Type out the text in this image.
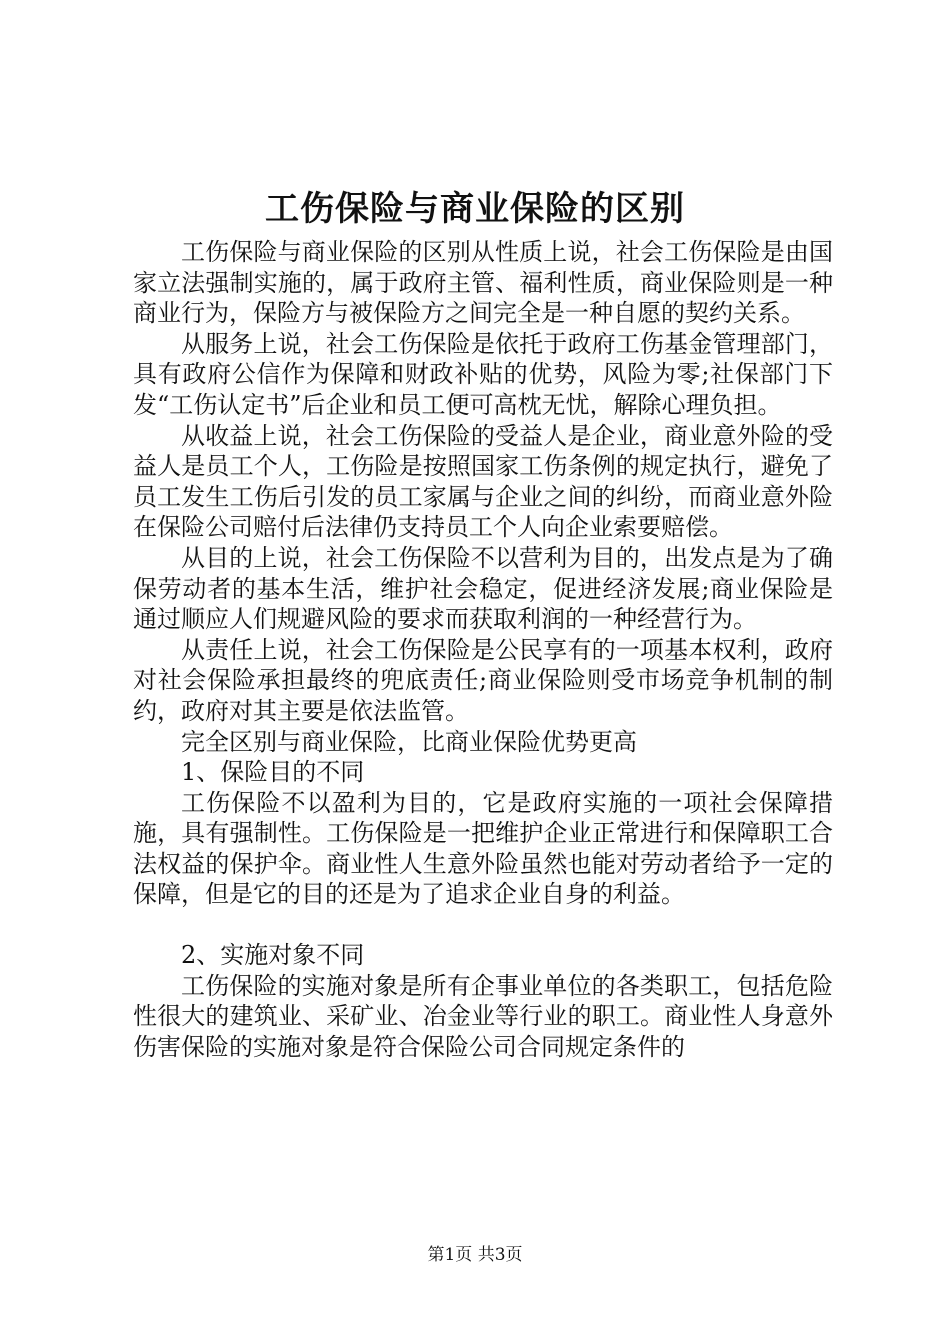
工伤保险与商业保险的区别

工伤保险与商业保险的区别从性质上说，社会工伤保险是由国家立法强制实施的，属于政府主管、福利性质，商业保险则是一种商业行为，保险方与被保险方之间完全是一种自愿的契约关系。

从服务上说，社会工伤保险是依托于政府工伤基金管理部门，具有政府公信作为保障和财政补贴的优势，风险为零;社保部门下发“工伤认定书”后企业和员工便可高枕无忧，解除心理负担。

从收益上说，社会工伤保险的受益人是企业，商业意外险的受益人是员工个人，工伤险是按照国家工伤条例的规定执行，避免了员工发生工伤后引发的员工家属与企业之间的纠纷，而商业意外险在保险公司赔付后法律仍支持员工个人向企业索要赔偿。

从目的上说，社会工伤保险不以营利为目的，出发点是为了确保劳动者的基本生活，维护社会稳定，促进经济发展;商业保险是通过顺应人们规避风险的要求而获取利润的一种经营行为。

从责任上说，社会工伤保险是公民享有的一项基本权利，政府对社会保险承担最终的兜底责任;商业保险则受市场竞争机制的制约，政府对其主要是依法监管。

完全区别与商业保险，比商业保险优势更高

1、保险目的不同

工伤保险不以盈利为目的，它是政府实施的一项社会保障措施，具有强制性。工伤保险是一把维护企业正常进行和保障职工合法权益的保护伞。商业性人生意外险虽然也能对劳动者给予一定的保障，但是它的目的还是为了追求企业自身的利益。

2、实施对象不同

工伤保险的实施对象是所有企事业单位的各类职工，包括危险性很大的建筑业、采矿业、冶金业等行业的职工。商业性人身意外伤害保险的实施对象是符合保险公司合同规定条件的

第1页 共3页
